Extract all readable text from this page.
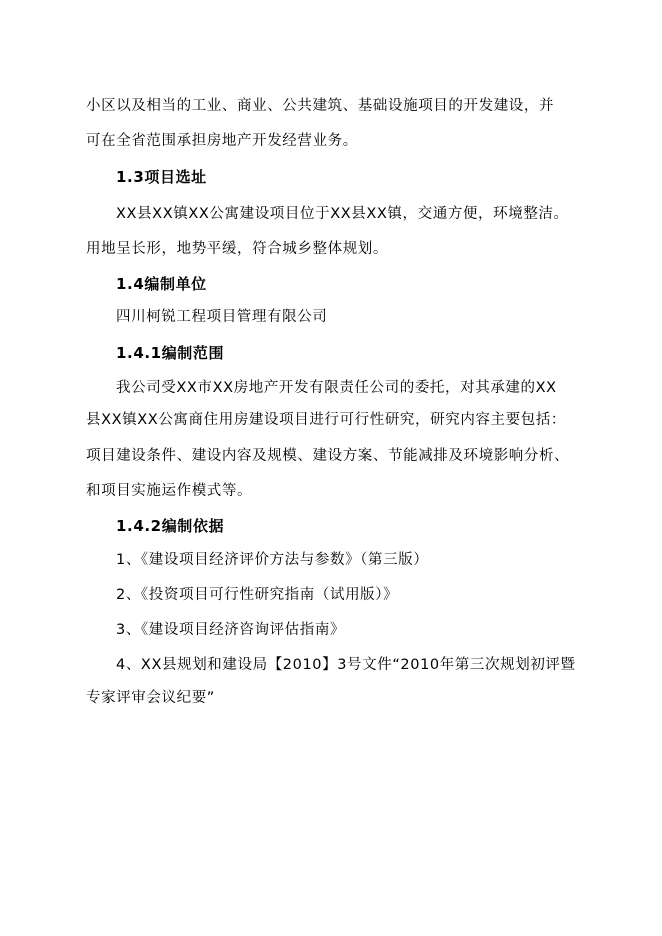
小区以及相当的工业、商业、公共建筑、基础设施项目的开发建设，并
可在全省范围承担房地产开发经营业务。
1.3项目选址
XX县XX镇XX公寓建设项目位于XX县XX镇，交通方便，环境整洁。
用地呈长形，地势平缓，符合城乡整体规划。
1.4编制单位
四川柯锐工程项目管理有限公司
1.4.1编制范围
我公司受XX市XX房地产开发有限责任公司的委托，对其承建的XX
县XX镇XX公寓商住用房建设项目进行可行性研究，研究内容主要包括：
项目建设条件、建设内容及规模、建设方案、节能减排及环境影响分析、
和项目实施运作模式等。
1.4.2编制依据
1、《建设项目经济评价方法与参数》（第三版）
2、《投资项目可行性研究指南（试用版）》
3、《建设项目经济咨询评估指南》
4、XX县规划和建设局【2010】3号文件“2010年第三次规划初评暨
专家评审会议纪要”
